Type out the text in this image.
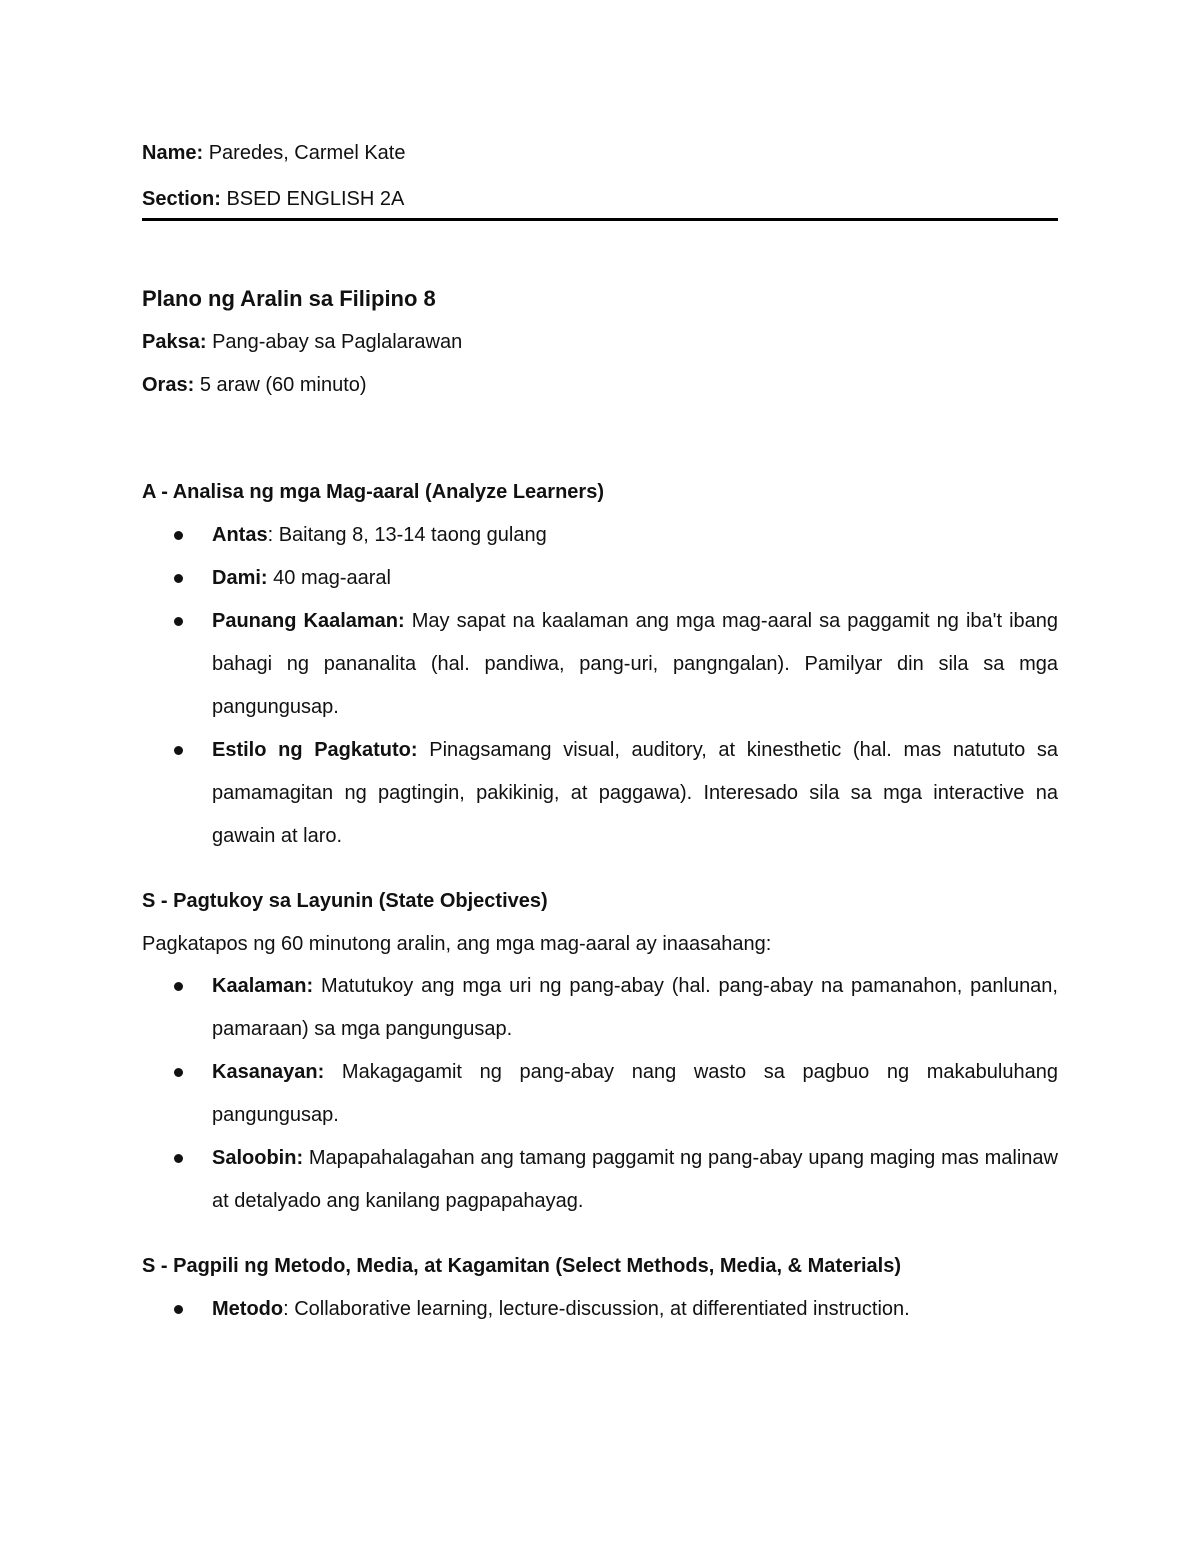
Name: Paredes, Carmel Kate

Section: BSED ENGLISH 2A

Plano ng Aralin sa Filipino 8

Paksa: Pang-abay sa Paglalarawan

Oras: 5 araw (60 minuto)

A - Analisa ng mga Mag-aaral (Analyze Learners)

Antas: Baitang 8, 13-14 taong gulang
Dami: 40 mag-aaral
Paunang Kaalaman: May sapat na kaalaman ang mga mag-aaral sa paggamit ng iba't ibang bahagi ng pananalita (hal. pandiwa, pang-uri, pangngalan). Pamilyar din sila sa mga pangungusap.
Estilo ng Pagkatuto: Pinagsamang visual, auditory, at kinesthetic (hal. mas natututo sa pamamagitan ng pagtingin, pakikinig, at paggawa). Interesado sila sa mga interactive na gawain at laro.

S - Pagtukoy sa Layunin (State Objectives)

Pagkatapos ng 60 minutong aralin, ang mga mag-aaral ay inaasahang:

Kaalaman: Matutukoy ang mga uri ng pang-abay (hal. pang-abay na pamanahon, panlunan, pamaraan) sa mga pangungusap.
Kasanayan: Makagagamit ng pang-abay nang wasto sa pagbuo ng makabuluhang pangungusap.
Saloobin: Mapapahalagahan ang tamang paggamit ng pang-abay upang maging mas malinaw at detalyado ang kanilang pagpapahayag.

S - Pagpili ng Metodo, Media, at Kagamitan (Select Methods, Media, & Materials)

Metodo: Collaborative learning, lecture-discussion, at differentiated instruction.
